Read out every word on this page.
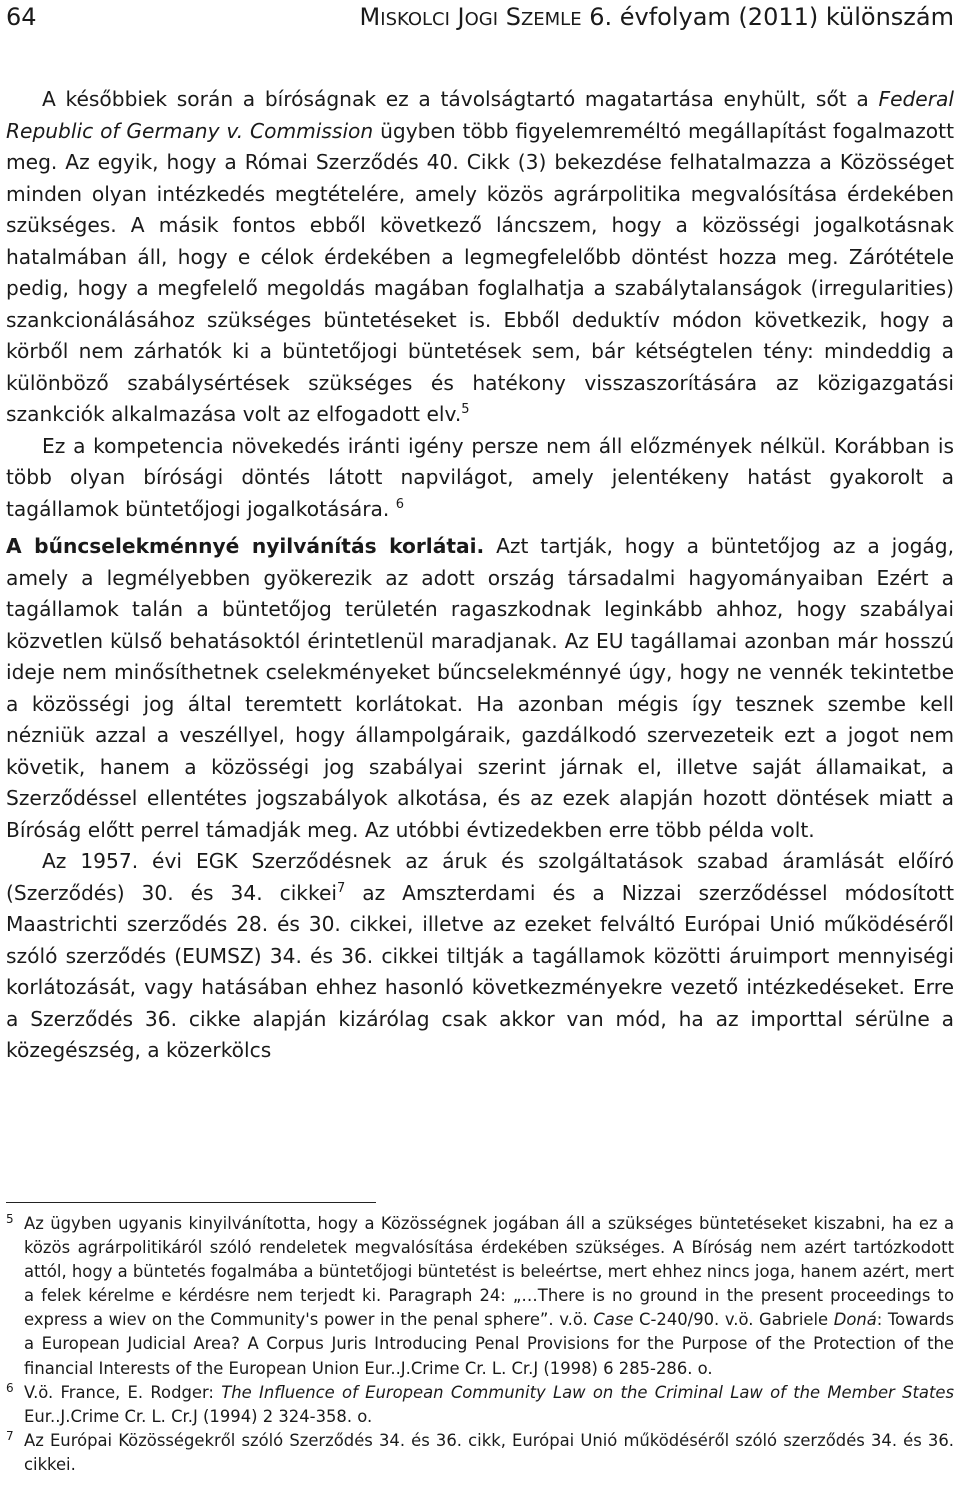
64	MISKOLCI JOGI SZEMLE 6. évfolyam (2011) különszám

A későbbiek során a bíróságnak ez a távolságtartó magatartása enyhült, sőt a Federal Republic of Germany v. Commission ügyben több figyelemreméltó megállapítást fogalmazott meg. Az egyik, hogy a Római Szerződés 40. Cikk (3) bekezdése felhatalmazza a Közösséget minden olyan intézkedés megtételére, amely közös agrárpolitika megvalósítása érdekében szükséges. A másik fontos ebből következő láncszem, hogy a közösségi jogalkotásnak hatalmában áll, hogy e célok érdekében a legmegfelelőbb döntést hozza meg. Zárótétele pedig, hogy a megfelelő megoldás magában foglalhatja a szabálytalanságok (irregularities) szankcionálásához szükséges büntetéseket is. Ebből deduktív módon következik, hogy a körből nem zárhatók ki a büntetőjogi büntetések sem, bár kétségtelen tény: mindeddig a különböző szabálysértések szükséges és hatékony visszaszorítására az közigazgatási szankciók alkalmazása volt az elfogadott elv.$^5$

Ez a kompetencia növekedés iránti igény persze nem áll előzmények nélkül. Korábban is több olyan bírósági döntés látott napvilágot, amely jelentékeny hatást gyakorolt a tagállamok büntetőjogi jogalkotására. $^6$

A bűncselekménnyé nyilvánítás korlátai. Azt tartják, hogy a büntetőjog az a jogág, amely a legmélyebben gyökerezik az adott ország társadalmi hagyományaiban Ezért a tagállamok talán a büntetőjog területén ragaszkodnak leginkább ahhoz, hogy szabályai közvetlen külső behatásoktól érintetlenül maradjanak. Az EU tagállamai azonban már hosszú ideje nem minősíthetnek cselekményeket bűncselekménnyé úgy, hogy ne vennék tekintetbe a közösségi jog által teremtett korlátokat. Ha azonban mégis így tesznek szembe kell nézniük azzal a veszéllyel, hogy állampolgáraik, gazdálkodó szervezeteik ezt a jogot nem követik, hanem a közösségi jog szabályai szerint járnak el, illetve saját államaikat, a Szerződéssel ellentétes jogszabályok alkotása, és az ezek alapján hozott döntések miatt a Bíróság előtt perrel támadják meg. Az utóbbi évtizedekben erre több példa volt.

Az 1957. évi EGK Szerződésnek az áruk és szolgáltatások szabad áramlását előíró (Szerződés) 30. és 34. cikkei$^7$ az Amszterdami és a Nizzai szerződéssel módosított Maastrichti szerződés 28. és 30. cikkei, illetve az ezeket felváltó Európai Unió működéséről szóló szerződés (EUMSZ) 34. és 36. cikkei tiltják a tagállamok közötti áruimport mennyiségi korlátozását, vagy hatásában ehhez hasonló következményekre vezető intézkedéseket. Erre a Szerződés 36. cikke alapján kizárólag csak akkor van mód, ha az importtal sérülne a közegészség, a közerkölcs

5 Az ügyben ugyanis kinyilvánította, hogy a Közösségnek jogában áll a szükséges büntetéseket kiszabni, ha ez a közös agrárpolitikáról szóló rendeletek megvalósítása érdekében szükséges. A Bíróság nem azért tartózkodott attól, hogy a büntetés fogalmába a büntetőjogi büntetést is beleértse, mert ehhez nincs joga, hanem azért, mert a felek kérelme e kérdésre nem terjedt ki. Paragraph 24: „…There is no ground in the present proceedings to express a wiev on the Community's power in the penal sphere”. v.ö. Case C-240/90. v.ö. Gabriele Doná: Towards a European Judicial Area? A Corpus Juris Introducing Penal Provisions for the Purpose of the Protection of the financial Interests of the European Union Eur..J.Crime Cr. L. Cr.J (1998) 6 285-286. o.

6 V.ö. France, E. Rodger: The Influence of European Community Law on the Criminal Law of the Member States Eur..J.Crime Cr. L. Cr.J (1994) 2 324-358. o.

7 Az Európai Közösségekről szóló Szerződés 34. és 36. cikk, Európai Unió működéséről szóló szerződés 34. és 36. cikkei.
